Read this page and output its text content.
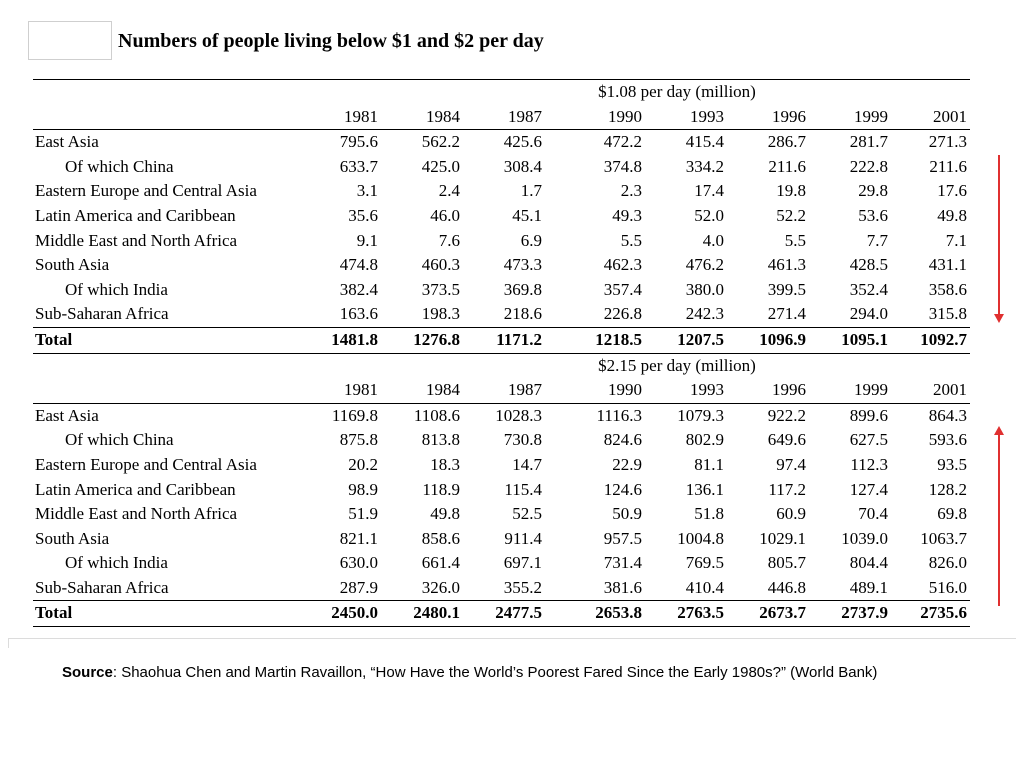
Numbers of people living below $1 and $2 per day
				$1.08 per day (million)				
	1981	1984	1987	1990	1993	1996	1999	2001
East Asia	795.6	562.2	425.6	472.2	415.4	286.7	281.7	271.3
Of which China	633.7	425.0	308.4	374.8	334.2	211.6	222.8	211.6
Eastern Europe and Central Asia	3.1	2.4	1.7	2.3	17.4	19.8	29.8	17.6
Latin America and Caribbean	35.6	46.0	45.1	49.3	52.0	52.2	53.6	49.8
Middle East and North Africa	9.1	7.6	6.9	5.5	4.0	5.5	7.7	7.1
South Asia	474.8	460.3	473.3	462.3	476.2	461.3	428.5	431.1
Of which India	382.4	373.5	369.8	357.4	380.0	399.5	352.4	358.6
Sub-Saharan Africa	163.6	198.3	218.6	226.8	242.3	271.4	294.0	315.8
Total	1481.8	1276.8	1171.2	1218.5	1207.5	1096.9	1095.1	1092.7
				$2.15 per day (million)				
	1981	1984	1987	1990	1993	1996	1999	2001
East Asia	1169.8	1108.6	1028.3	1116.3	1079.3	922.2	899.6	864.3
Of which China	875.8	813.8	730.8	824.6	802.9	649.6	627.5	593.6
Eastern Europe and Central Asia	20.2	18.3	14.7	22.9	81.1	97.4	112.3	93.5
Latin America and Caribbean	98.9	118.9	115.4	124.6	136.1	117.2	127.4	128.2
Middle East and North Africa	51.9	49.8	52.5	50.9	51.8	60.9	70.4	69.8
South Asia	821.1	858.6	911.4	957.5	1004.8	1029.1	1039.0	1063.7
Of which India	630.0	661.4	697.1	731.4	769.5	805.7	804.4	826.0
Sub-Saharan Africa	287.9	326.0	355.2	381.6	410.4	446.8	489.1	516.0
Total	2450.0	2480.1	2477.5	2653.8	2763.5	2673.7	2737.9	2735.6
Source: Shaohua Chen and Martin Ravaillon, “How Have the World’s Poorest Fared Since the Early 1980s?” (World Bank)
